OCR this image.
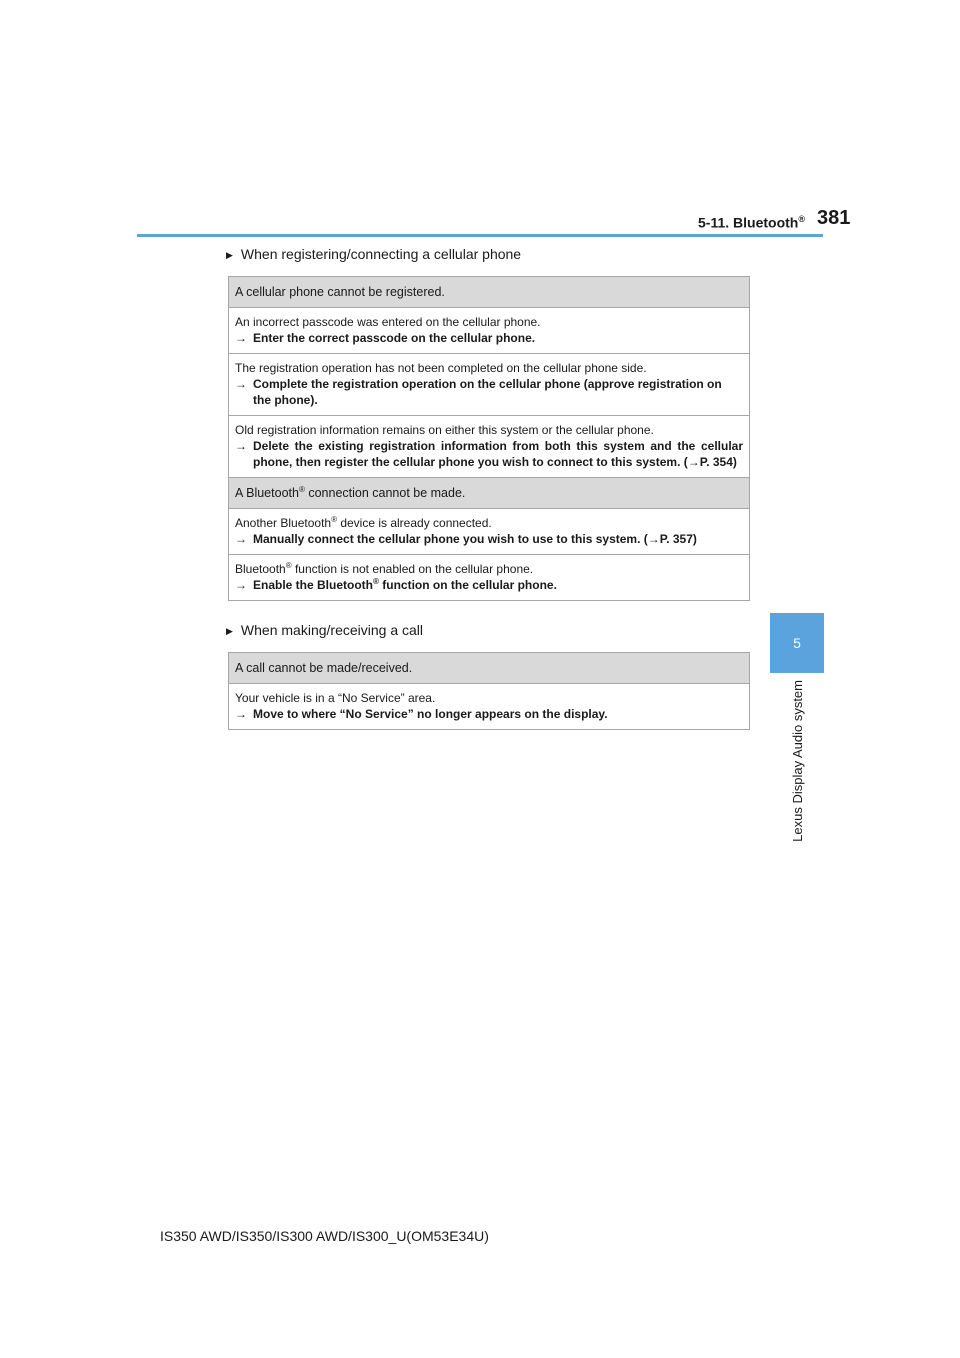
5-11. Bluetooth® 381
5
Lexus Display Audio system
▶ When registering/connecting a cellular phone
A cellular phone cannot be registered.

An incorrect passcode was entered on the cellular phone.
→ Enter the correct passcode on the cellular phone.

The registration operation has not been completed on the cellular phone side.
→ Complete the registration operation on the cellular phone (approve registration on the phone).

Old registration information remains on either this system or the cellular phone.
→ Delete the existing registration information from both this system and the cellular phone, then register the cellular phone you wish to connect to this system. (→P. 354)

A Bluetooth® connection cannot be made.

Another Bluetooth® device is already connected.
→ Manually connect the cellular phone you wish to use to this system. (→P. 357)

Bluetooth® function is not enabled on the cellular phone.
→ Enable the Bluetooth® function on the cellular phone.
▶ When making/receiving a call
A call cannot be made/received.

Your vehicle is in a “No Service” area.
→ Move to where “No Service” no longer appears on the display.
IS350 AWD/IS350/IS300 AWD/IS300_U(OM53E34U)
